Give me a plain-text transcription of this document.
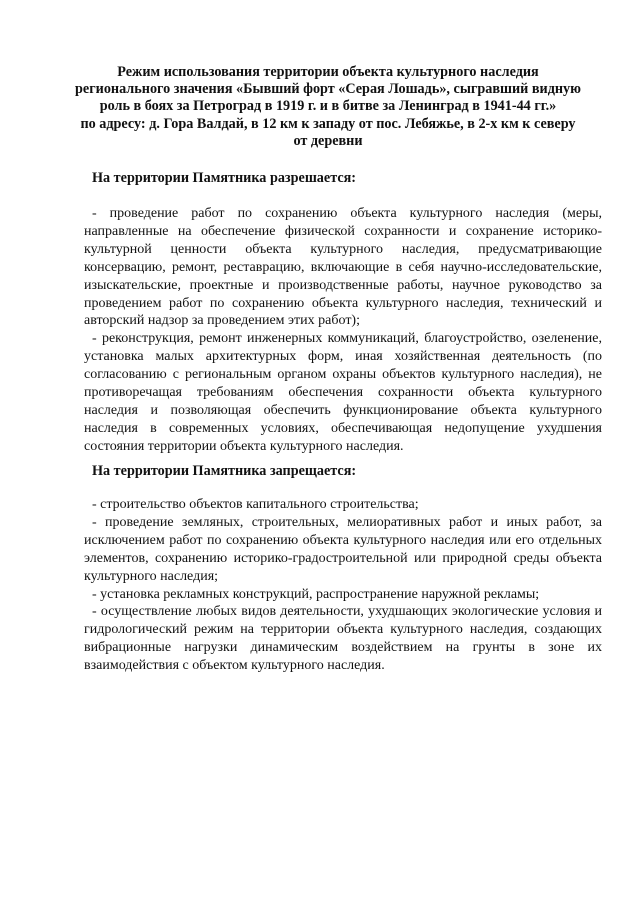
Режим использования территории объекта культурного наследия
регионального значения «Бывший форт «Серая Лошадь», сыгравший видную
роль в боях за Петроград в 1919 г. и в битве за Ленинград в 1941-44 гг.»
по адресу: д. Гора Валдай, в 12 км к западу от пос. Лебяжье, в 2-х км к северу
от деревни
На территории Памятника разрешается:

- проведение работ по сохранению объекта культурного наследия (меры, направленные на обеспечение физической сохранности и сохранение историко-культурной ценности объекта культурного наследия, предусматривающие консервацию, ремонт, реставрацию, включающие в себя научно-исследовательские, изыскательские, проектные и производственные работы, научное руководство за проведением работ по сохранению объекта культурного наследия, технический и авторский надзор за проведением этих работ);

- реконструкция, ремонт инженерных коммуникаций, благоустройство, озеленение, установка малых архитектурных форм, иная хозяйственная деятельность (по согласованию с региональным органом охраны объектов культурного наследия), не противоречащая требованиям обеспечения сохранности объекта культурного наследия и позволяющая обеспечить функционирование объекта культурного наследия в современных условиях, обеспечивающая недопущение ухудшения состояния территории объекта культурного наследия.

На территории Памятника запрещается:

- строительство объектов капитального строительства;

- проведение земляных, строительных, мелиоративных работ и иных работ, за исключением работ по сохранению объекта культурного наследия или его отдельных элементов, сохранению историко-градостроительной или природной среды объекта культурного наследия;

- установка рекламных конструкций, распространение наружной рекламы;

- осуществление любых видов деятельности, ухудшающих экологические условия и гидрологический режим на территории объекта культурного наследия, создающих вибрационные нагрузки динамическим воздействием на грунты в зоне их взаимодействия с объектом культурного наследия.
